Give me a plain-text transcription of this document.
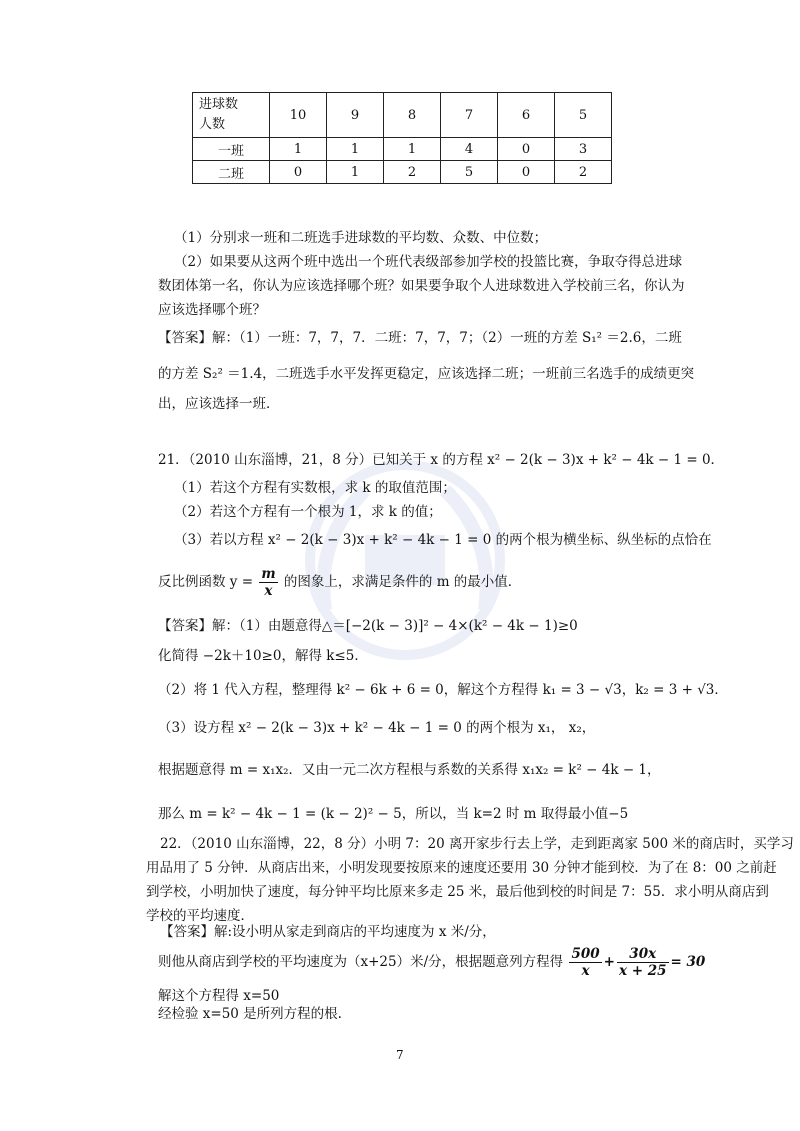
进球数
人数	10	9	8	7	6	5
一班	1	1	1	4	0	3
二班	0	1	2	5	0	2
（1）分别求一班和二班选手进球数的平均数、众数、中位数；
（2）如果要从这两个班中选出一个班代表级部参加学校的投篮比赛，争取夺得总进球
数团体第一名，你认为应该选择哪个班？如果要争取个人进球数进入学校前三名，你认为
应该选择哪个班？
【答案】解：（1）一班：7，7，7．二班：7，7，7；（2）一班的方差 S₁² ＝2.6，二班
的方差 S₂² ＝1.4，二班选手水平发挥更稳定，应该选择二班；一班前三名选手的成绩更突
出，应该选择一班．
21．（2010 山东淄博，21，8 分）已知关于 x 的方程 x² − 2(k − 3)x + k² − 4k − 1 = 0．
（1）若这个方程有实数根，求 k 的取值范围；
（2）若这个方程有一个根为 1，求 k 的值；
（3）若以方程 x² − 2(k − 3)x + k² − 4k − 1 = 0 的两个根为横坐标、纵坐标的点恰在
反比例函数 $y = \frac{m}{x}$ 的图象上，求满足条件的 m 的最小值．
【答案】解：（1）由题意得△＝[−2(k − 3)]² − 4×(k² − 4k − 1)≥0
化简得 −2k＋10≥0，解得 k≤5．
（2）将 1 代入方程，整理得 k² − 6k + 6 = 0，解这个方程得 k₁ = 3 − √3，k₂ = 3 + √3．
（3）设方程 x² − 2(k − 3)x + k² − 4k − 1 = 0 的两个根为 x₁， x₂，
根据题意得 m = x₁x₂．又由一元二次方程根与系数的关系得 x₁x₂ = k² − 4k − 1，
那么 m = k² − 4k − 1 = (k − 2)² − 5，所以，当 k=2 时 m 取得最小值−5
22．（2010 山东淄博，22，8 分）小明 7：20 离开家步行去上学，走到距离家 500 米的商店时，买学习
用品用了 5 分钟．从商店出来，小明发现要按原来的速度还要用 30 分钟才能到校．为了在 8：00 之前赶
到学校，小明加快了速度，每分钟平均比原来多走 25 米，最后他到校的时间是 7：55．求小明从商店到
学校的平均速度．
【答案】解:设小明从家走到商店的平均速度为 x 米/分，
则他从商店到学校的平均速度为（x+25）米/分，根据题意列方程得 $\frac{500}{x} + \frac{30x}{x + 25} = 30$
解这个方程得 x=50
经检验 x=50 是所列方程的根.
7
